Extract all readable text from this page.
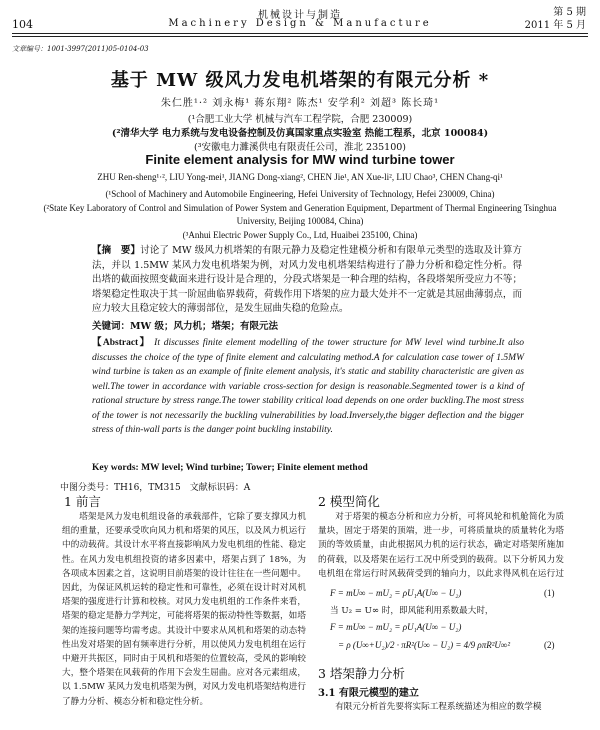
机械设计与制造
Machinery Design & Manufacture
104
第 5 期
2011 年 5 月
文章编号：1001-3997(2011)05-0104-03
基于 MW 级风力发电机塔架的有限元分析 *
朱仁胜¹·² 刘永梅¹ 蒋东翔² 陈杰¹ 安学利² 刘超³ 陈长琦¹
(¹合肥工业大学 机械与汽车工程学院，合肥 230009)
(²清华大学 电力系统与发电设备控制及仿真国家重点实验室 热能工程系，北京 100084)
(³安徽电力濉溪供电有限责任公司，淮北 235100)
Finite element analysis for MW wind turbine tower
ZHU Ren-sheng¹·², LIU Yong-mei¹, JIANG Dong-xiang², CHEN Jie¹, AN Xue-li², LIU Chao³, CHEN Chang-qi¹
(¹School of Machinery and Automobile Engineering, Hefei University of Technology, Hefei 230009, China)
(²State Key Laboratory of Control and Simulation of Power System and Generation Equipment, Department of Thermal Engineering Tsinghua University, Beijing 100084, China)
(³Anhui Electric Power Supply Co., Ltd, Huaibei 235100, China)
【摘　要】讨论了 MW 级风力机塔架的有限元静力及稳定性建模分析和有限单元类型的选取及计算方法，并以 1.5MW 某风力发电机塔架为例，对风力发电机塔架结构进行了静力分析和稳定性分析。得出塔的截面按照变截面来进行设计是合理的，分段式塔架是一种合理的结构，各段塔架所受应力不等；塔架稳定性取决于其一阶屈曲临界载荷，荷载作用下塔架的应力最大处并不一定就是其屈曲薄弱点，而应力较大且稳定较大的薄弱部位，是发生屈曲失稳的危险点。
关键词：MW 级；风力机；塔架；有限元法
【Abstract】 It discusses finite element modelling of the tower structure for MW level wind turbine.It also discusses the choice of the type of finite element and calculating method.A for calculation case tower of 1.5MW wind turbine is taken as an example of finite element analysis, it's static and stability characteristic are given as well.The tower in accordance with variable cross-section for design is reasonable.Segmented tower is a kind of rational structure by stress range.The tower stability critical load depends on one order buckling.The most stress of the tower is not necessarily the buckling vulnerabilities by load.Inversely,the bigger deflection and the bigger stress of thin-wall parts is the danger point buckling instability.
Key words: MW level; Wind turbine; Tower; Finite element method
中图分类号：TH16，TM315　文献标识码：A
1 前言
塔架是风力发电机组设备的承载部件，它除了要支撑风力机组的重量，还要承受吹向风力机和塔架的风压，以及风力机运行中的动载荷。其设计水平将直接影响风力发电机组的性能、稳定性。在风力发电机组投资的诸多因素中，塔架占到了 18%，为各项成本因素之首，这说明目前塔架的设计往往在一些问题中。因此，为保证风机运转的稳定性和可靠性，必须在设计时对风机塔架的强度进行计算和校核。对风力发电机组的工作条件来看，塔架的稳定是静力学判定，可能将塔架的振动特性等数据，如塔架的连接问题等均需考虑。其设计中要求从风机和塔架的动态特性出发对塔架的固有频率进行分析，用以使风力发电机组在运行中避开共振区，同时由于风机和塔架的位置较高，受风的影响较大，整个塔架在风载荷的作用下会发生屈曲。应对各元素组成，以 1.5MW 某风力发电机塔架为例，对风力发电机塔架结构进行了静力分析、模态分析和稳定性分析。
2 模型简化
对于塔架的模态分析和应力分析，可将风轮和机舱简化为质量块，固定于塔架的顶端，进一步，可将质量块的质量转化为塔顶的等效质量，由此根据风力机的运行状态，确定对塔架所施加的荷载，以及塔架在运行工况中所受到的载荷。以下分析风力发电机组在常运行时风载荷受到的轴向力，以此求得风机在运行过
F = mU∞ − mU₂ = ρU₁A(U∞ − U₂)	(1)
当 U₂ = U∞ 时，即风能利用系数最大时，
F = mU∞ − mU₂ = ρU₁A(U∞ − U₂)
= ρ (U∞+U₂)/2 · πR²(U∞ − U₂) = 4/9 ρπR²U∞²	(2)
3 塔架静力分析
3.1 有限元模型的建立
有限元分析首先要将实际工程系统描述为相应的数学模
